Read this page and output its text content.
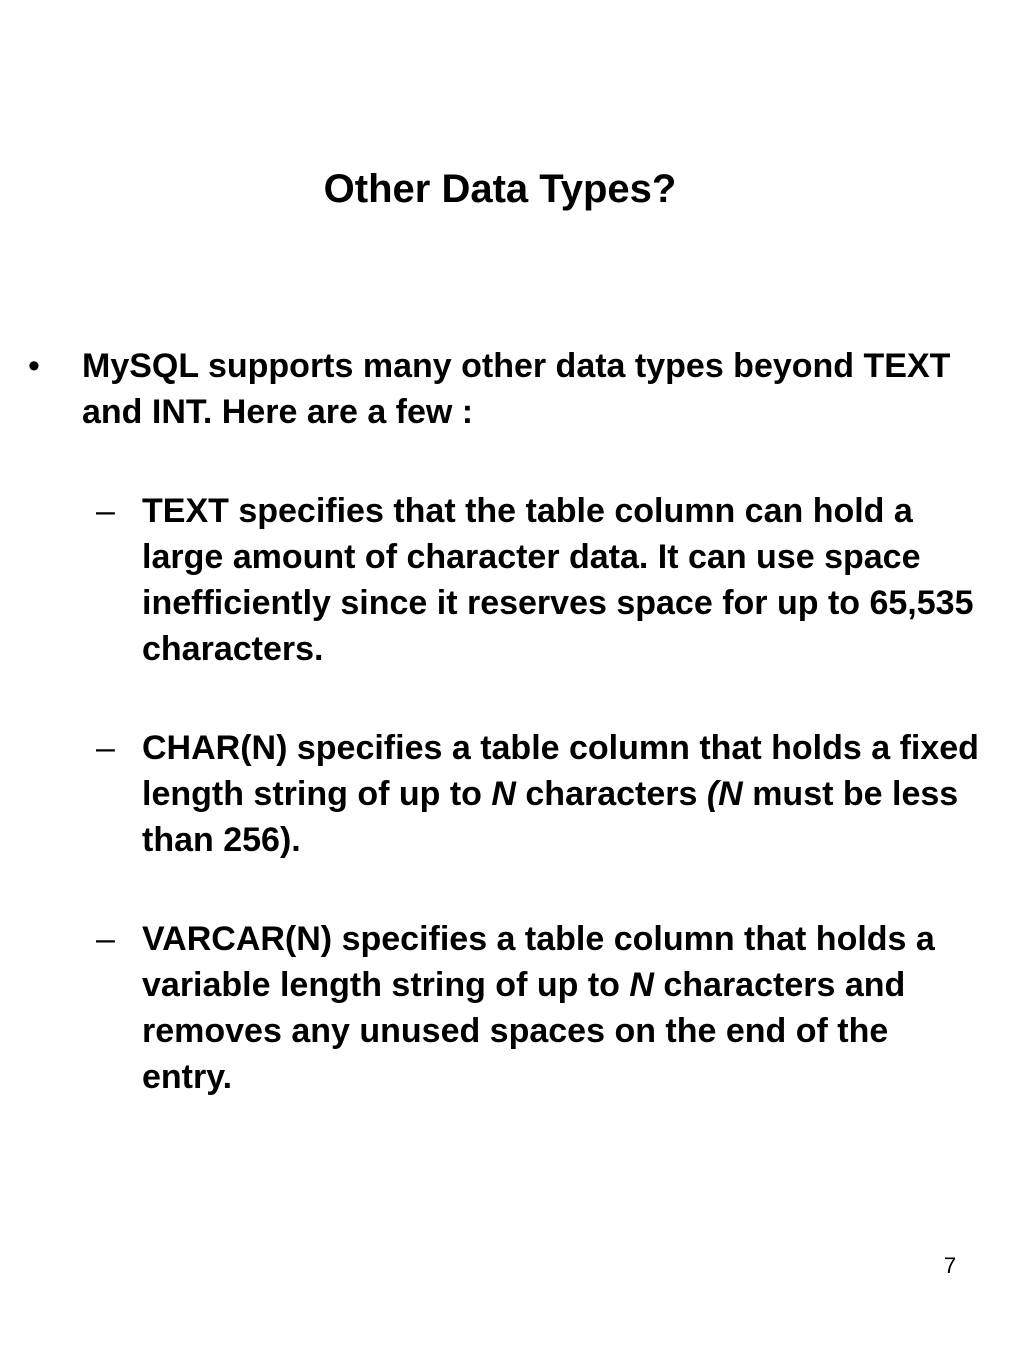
Other Data Types?
• MySQL supports many other data types beyond TEXT and INT. Here are a few :
– TEXT specifies that the table column can hold a large amount of character data. It can use space inefficiently since it reserves space for up to 65,535 characters.
– CHAR(N) specifies a table column that holds a fixed length string of up to N characters (N must be less than 256).
– VARCAR(N) specifies a table column that holds a variable length string of up to N characters and removes any unused spaces on the end of the entry.
7
